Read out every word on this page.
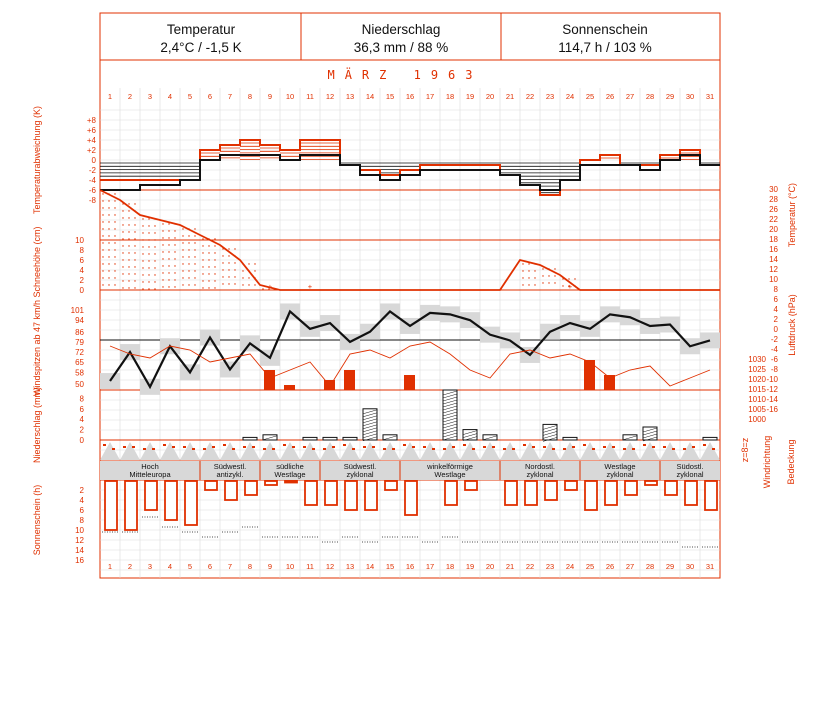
Temperatur
2,4°C / -1,5 K
Niederschlag
36,3 mm / 88 %
Sonnenschein
114,7 h / 103 %
MÄRZ 1963
1 2 3 4 5 6 7 8 9 10 11 12 13 14 15 16 17 18 19 20 21 22 23 24 25 26 27 28 29 30 31
1 2 3 4 5 6 7 8 9 10 11 12 13 14 15 16 17 18 19 20 21 22 23 24 25 26 27 28 29 30 31
+	+	+
Hoch
Mitteleuropa
Südwestl.
antizykl.
südliche
Westlage
Südwestl.
zyklonal
winkelförmige
Westlage
Nordostl.
zyklonal
Westlage
zyklonal
Südostl.
zyklonal
+8
+6
+4
+2
0
-2
-4
-6
-8
10
8
6
4
2
0
101
94
86
79
72
65
58
50
8
6
4
2
0
2
4
6
8
10
12
14
16
30
28
26
22
20
18
16
14
12
10
8
6
4
2
0
-2
-4
-6
-8
-10
-12
-14
-16
1030
1025
1020
1015
1010
1005
1000
Temperaturabweichung (K)
Schneehöhe (cm)
Windspitzen ab 47 km/h
Niederschlag (mm)
Sonnenschein (h)
Temperatur (°C)
Luftdruck (hPa)
Windrichtung Bedeckung
z=8=z
